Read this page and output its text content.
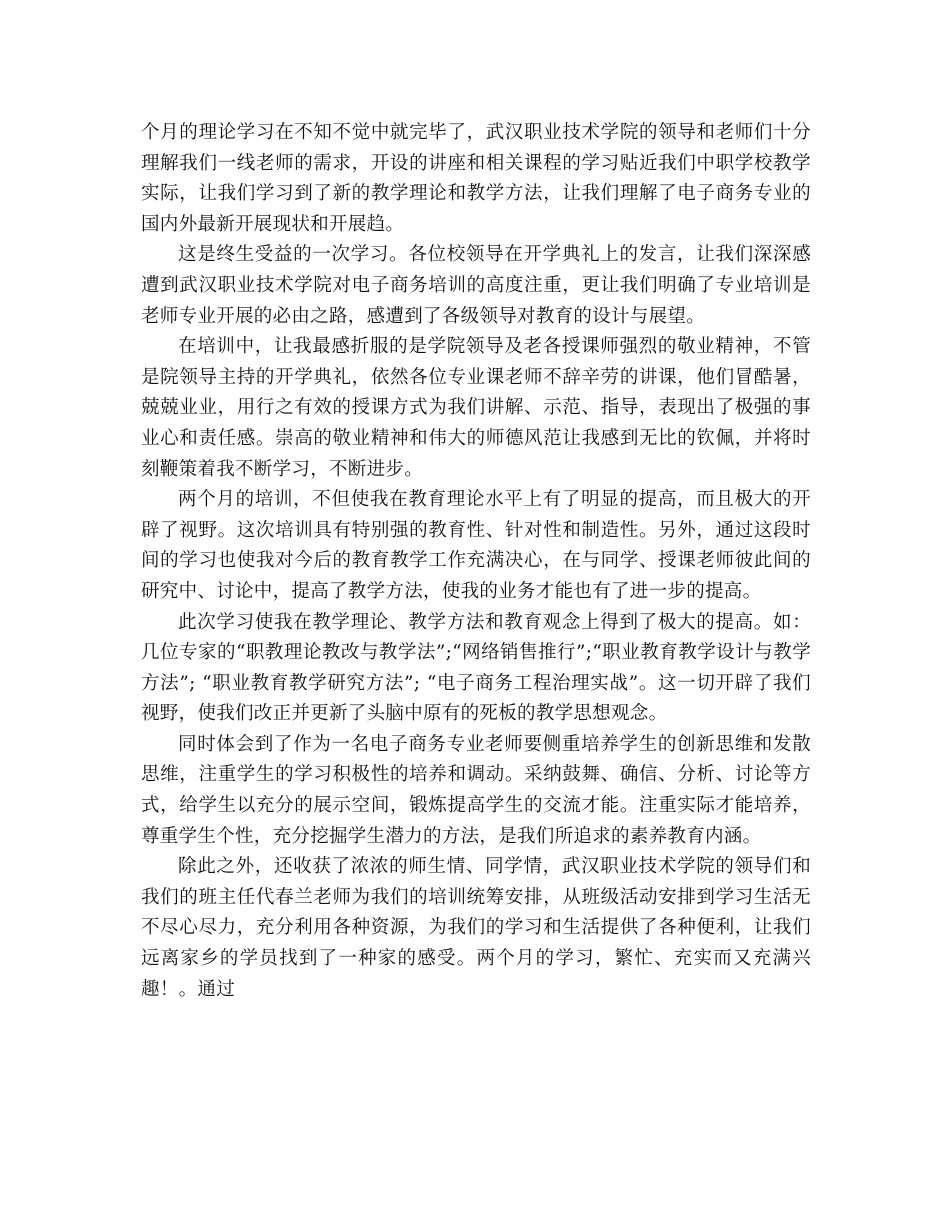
个月的理论学习在不知不觉中就完毕了，武汉职业技术学院的领导和老师们十分理解我们一线老师的需求，开设的讲座和相关课程的学习贴近我们中职学校教学实际，让我们学习到了新的教学理论和教学方法，让我们理解了电子商务专业的国内外最新开展现状和开展趋。

这是终生受益的一次学习。各位校领导在开学典礼上的发言，让我们深深感遭到武汉职业技术学院对电子商务培训的高度注重，更让我们明确了专业培训是老师专业开展的必由之路，感遭到了各级领导对教育的设计与展望。

在培训中，让我最感折服的是学院领导及老各授课师强烈的敬业精神，不管是院领导主持的开学典礼，依然各位专业课老师不辞辛劳的讲课，他们冒酷暑，兢兢业业，用行之有效的授课方式为我们讲解、示范、指导，表现出了极强的事业心和责任感。崇高的敬业精神和伟大的师德风范让我感到无比的钦佩，并将时刻鞭策着我不断学习，不断进步。

两个月的培训，不但使我在教育理论水平上有了明显的提高，而且极大的开辟了视野。这次培训具有特别强的教育性、针对性和制造性。另外，通过这段时间的学习也使我对今后的教育教学工作充满决心，在与同学、授课老师彼此间的研究中、讨论中，提高了教学方法，使我的业务才能也有了进一步的提高。

此次学习使我在教学理论、教学方法和教育观念上得到了极大的提高。如：几位专家的“职教理论教改与教学法”;“网络销售推行”;“职业教育教学设计与教学方法”; “职业教育教学研究方法”; “电子商务工程治理实战”。这一切开辟了我们视野，使我们改正并更新了头脑中原有的死板的教学思想观念。

同时体会到了作为一名电子商务专业老师要侧重培养学生的创新思维和发散思维，注重学生的学习积极性的培养和调动。采纳鼓舞、确信、分析、讨论等方式，给学生以充分的展示空间，锻炼提高学生的交流才能。注重实际才能培养，尊重学生个性，充分挖掘学生潜力的方法，是我们所追求的素养教育内涵。

除此之外，还收获了浓浓的师生情、同学情，武汉职业技术学院的领导们和我们的班主任代春兰老师为我们的培训统筹安排，从班级活动安排到学习生活无不尽心尽力，充分利用各种资源，为我们的学习和生活提供了各种便利，让我们远离家乡的学员找到了一种家的感受。两个月的学习，繁忙、充实而又充满兴趣！。通过
